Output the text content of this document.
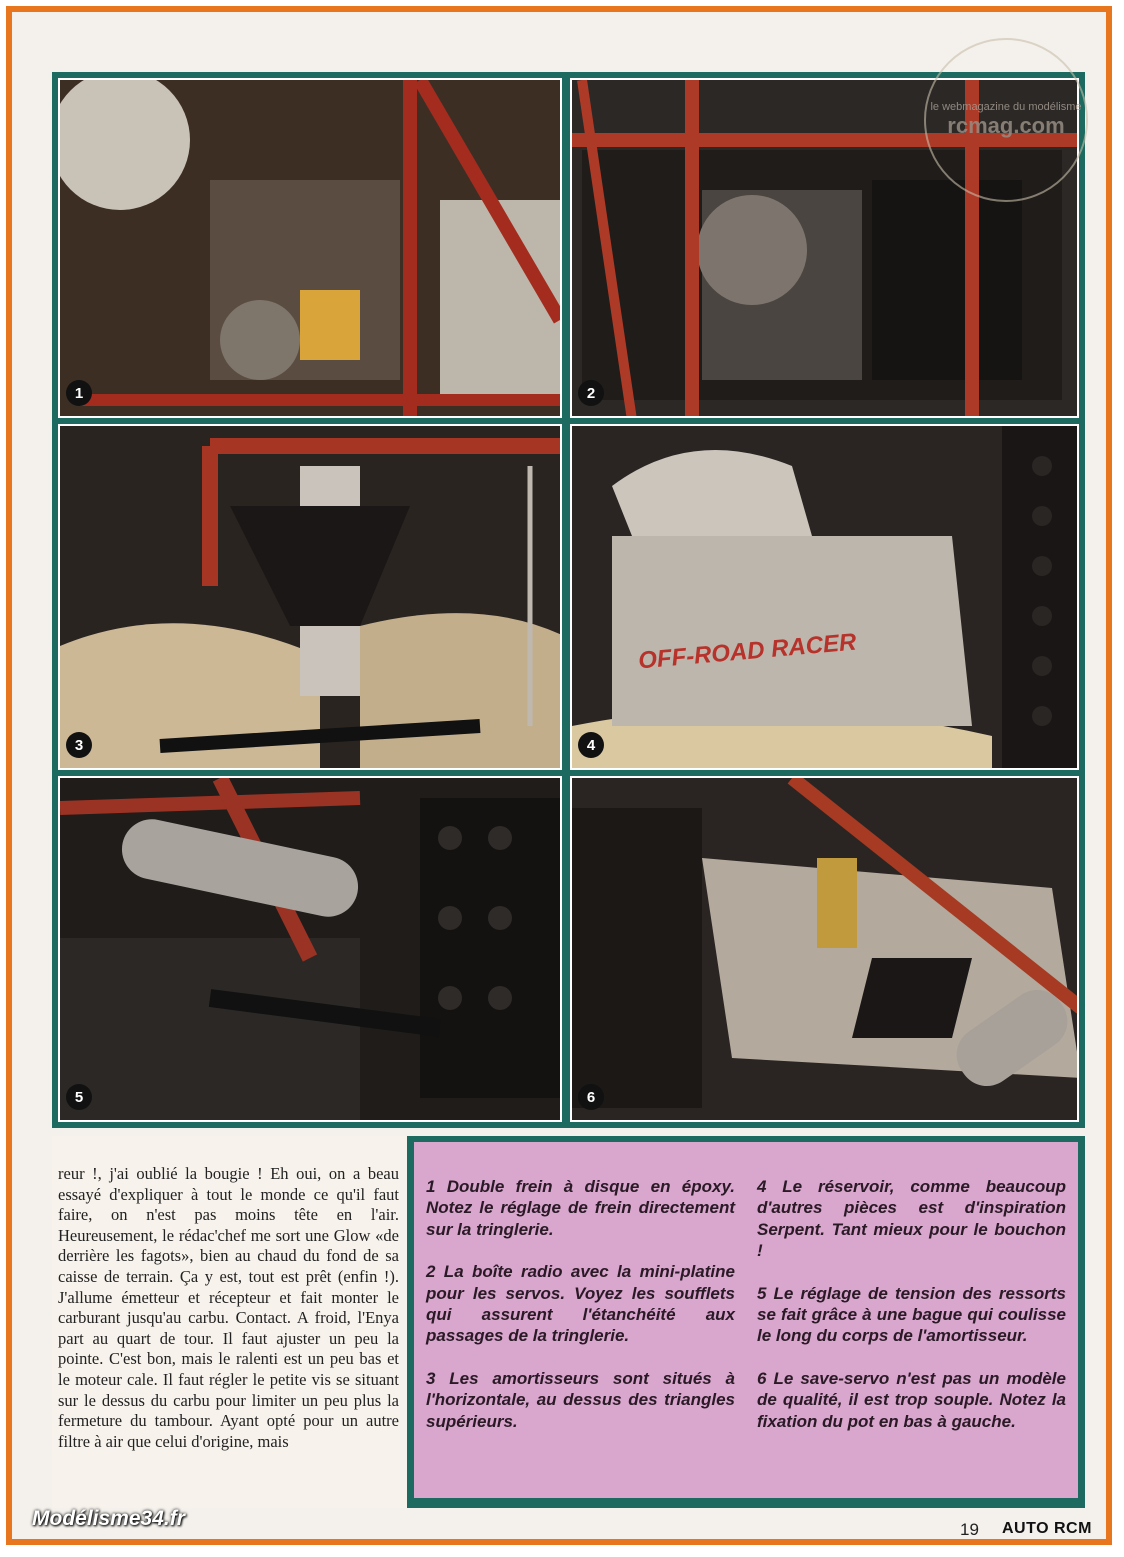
1	2
3
OFF-ROAD RACER
4
5	6
le webmagazine du modélisme
rcmag.com
reur !, j'ai oublié la bougie ! Eh oui, on a beau essayé d'expliquer à tout le monde ce qu'il faut faire, on n'est pas moins tête en l'air. Heureusement, le rédac'chef me sort une Glow «de derrière les fagots», bien au chaud du fond de sa caisse de terrain. Ça y est, tout est prêt (enfin !). J'allume émetteur et récepteur et fait monter le carburant jusqu'au carbu. Contact. A froid, l'Enya part au quart de tour. Il faut ajuster un peu la pointe. C'est bon, mais le ralenti est un peu bas et le moteur cale. Il faut régler le petite vis se situant sur le dessus du carbu pour limiter un peu plus la fermeture du tambour. Ayant opté pour un autre filtre à air que celui d'origine, mais

1 Double frein à disque en époxy. Notez le réglage de frein directement sur la tringlerie.

2 La boîte radio avec la mini-platine pour les servos. Voyez les soufflets qui assurent l'étanchéité aux passages de la tringlerie.

3 Les amortisseurs sont situés à l'horizontale, au dessus des triangles supérieurs.

4 Le réservoir, comme beaucoup d'autres pièces est d'inspiration Serpent. Tant mieux pour le bouchon !

5 Le réglage de tension des ressorts se fait grâce à une bague qui coulisse le long du corps de l'amortisseur.

6 Le save-servo n'est pas un modèle de qualité, il est trop souple. Notez la fixation du pot en bas à gauche.

Modélisme34.fr	19 AUTO RCM
